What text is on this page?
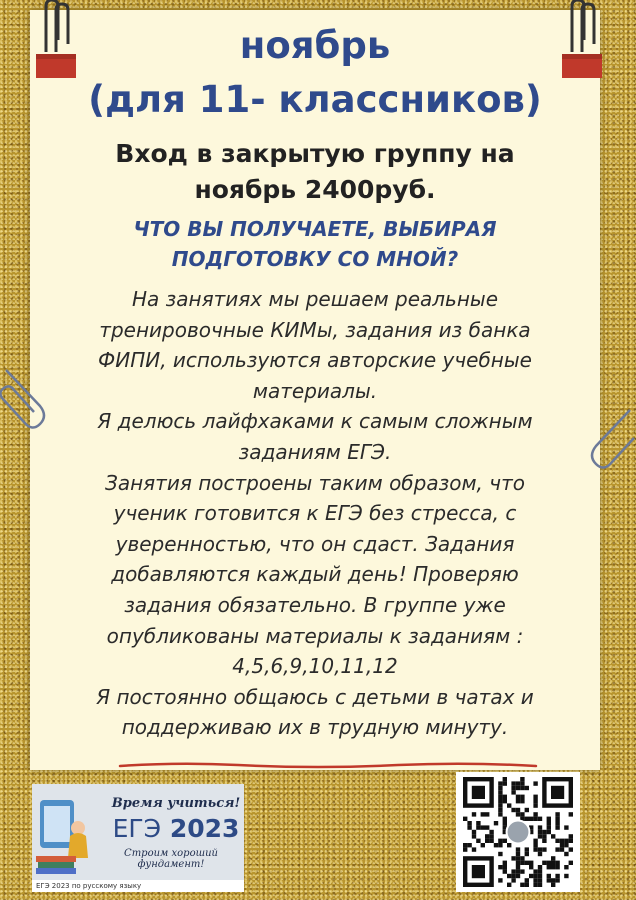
ноябрь
(для 11- классников)

Вход в закрытую группу на
ноябрь 2400руб.

ЧТО ВЫ ПОЛУЧАЕТЕ, ВЫБИРАЯ
ПОДГОТОВКУ СО МНОЙ?

На занятиях мы решаем реальные
тренировочные КИМы, задания из банка
ФИПИ, используются авторские учебные
материалы.
Я делюсь лайфхаками к самым сложным
заданиям ЕГЭ.
Занятия построены таким образом, что
ученик готовится к ЕГЭ без стресса, с
уверенностью, что он сдаст. Задания
добавляются каждый день! Проверяю
задания обязательно. В группе уже
опубликованы материалы к заданиям :
4,5,6,9,10,11,12
Я постоянно общаюсь с детьми в чатах и
поддерживаю их в трудную минуту.

Время учиться!
ЕГЭ 2023
Строим хороший фундамент!
ЕГЭ 2023 по русскому языку
